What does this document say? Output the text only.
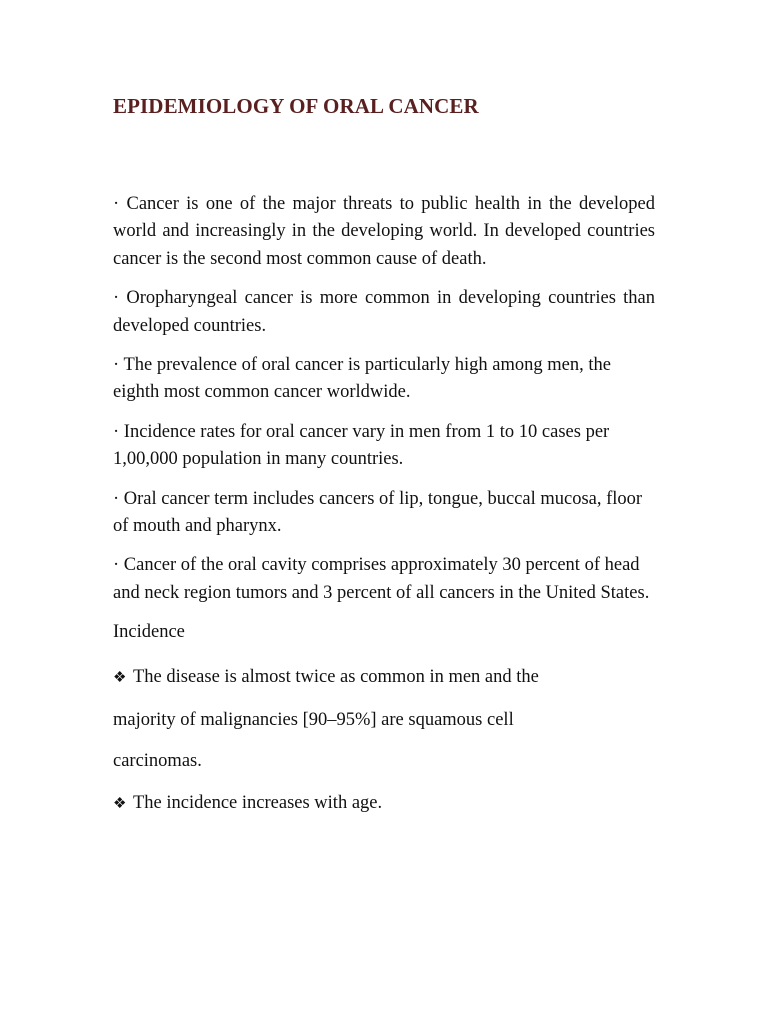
EPIDEMIOLOGY OF ORAL CANCER

· Cancer is one of the major threats to public health in the developed world and increasingly in the developing world. In developed countries cancer is the second most common cause of death.

· Oropharyngeal cancer is more common in developing countries than developed countries.

· The prevalence of oral cancer is particularly high among men, the eighth most common cancer worldwide.

· Incidence rates for oral cancer vary in men from 1 to 10 cases per 1,00,000 population in many countries.

· Oral cancer term includes cancers of lip, tongue, buccal mucosa, floor of mouth and pharynx.

· Cancer of the oral cavity comprises approximately 30 percent of head and neck region tumors and 3 percent of all cancers in the United States.

Incidence

❖ The disease is almost twice as common in men and the

majority of malignancies [90–95%] are squamous cell

carcinomas.

❖ The incidence increases with age.
